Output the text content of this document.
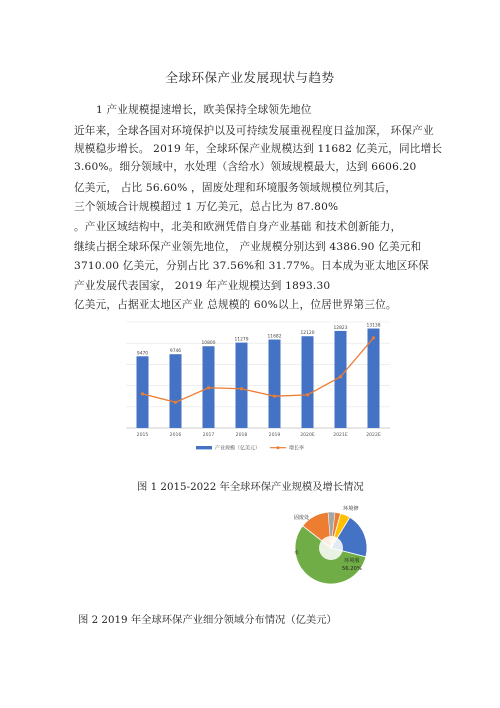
全球环保产业发展现状与趋势
1 产业规模提速增长，欧美保持全球领先地位
近年来，全球各国对环境保护以及可持续发展重视程度日益加深， 环保产业
规模稳步增长。 2019 年，全球环保产业规模达到 11682 亿美元，同比增长
3.60%。细分领域中，水处理（含给水）领域规模最大，达到 6606.20
亿美元， 占比 56.60% ，固废处理和环境服务领域规模位列其后，
三个领域合计规模超过 1 万亿美元，总占比为 87.80%
。产业区域结构中，北美和欧洲凭借自身产业基础 和技术创新能力，
继续占据全球环保产业领先地位， 产业规模分别达到 4386.90 亿美元和
3710.00 亿美元，分别占比 37.56%和 31.77%。日本成为亚太地区环保
产业发展代表国家， 2019 年产业规模达到 1893.30
亿美元，占据亚太地区产业 总规模的 60%以上，位居世界第三位。
9470
2015
9746
2016
10800
2017
11279
2018
11682
2019
12120
2020E
12823
2021E
13138
2022E
产业规模（亿美元）	增长率
图 1 2015-2022 年全球环保产业规模及增长情况
环境修
固废处
环境服
水
56.20%
图 2 2019 年全球环保产业细分领域分布情况（亿美元）
